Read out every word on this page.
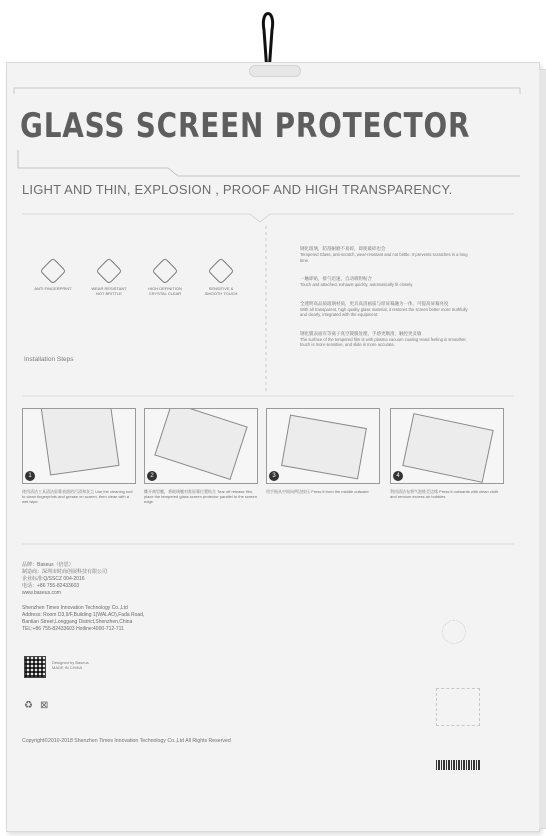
GLASS SCREEN PROTECTOR
LIGHT AND THIN, EXPLOSION , PROOF AND HIGH TRANSPARENCY.
ANTI FINGERPRINT	WEAR RESISTANT NOT BRITTLE
HIGH DEFINITION CRYSTAL CLEAR
SENSITIVE & SMOOTH TOUCH
钢化玻璃，防刮耐磨不易碎，即使破碎也会
Tempered Glass, anti-scratch, wear-resistant and not brittle. It prevents scratches in a long time.
一触即贴，排气迅速，自动吸附贴合
Touch and attached, exhaust quickly, automatically fit closely.
全透明高品质玻璃材质，更具高清画质与原屏幕融为一体，可提高屏幕亮度
With all transparent, high quality glass material, it restores the screen better more truthfully and clearly, integrated with the equipment.
钢化膜表面有等离子真空镀膜处理，手感更顺滑，触控更灵敏
The surface of the tempered film is with plasma vacuum coating Hand feeling is smoother, touch is more sensitive, and slide is more accurate.
Installation Steps
1
使用清洁工具清洁屏幕表面的污渍和灰尘 Use the cleaning tool to clean fingerprints and grease on screen, then clean with a wet wipe.
2
撕开离型膜，将玻璃膜对准屏幕位置贴合 Tear off release film, place the tempered glass screen protector parallel to the screen edge.
3
用手指从中间向两边按压 Press it from the middle outward
4
利用清洁布将气泡推至边缘 Press it outwards with clean cloth and remove excess air bubbles
品牌：Baseus（倍思）
制造商：深圳市时商创展科技有限公司
企业标准:Q/SSCZ 004-2016
电话：+86 755-82433603
www.baseus.com
Shenzhen Times Innovation Technology Co.,Ltd
Address: Room D3,9/F,Building 1(WALAO),Fada Road,
Bantian Street,Longgang District,Shenzhen,China
TEL:+86 755-82433603 Hotline:4000-712-711
Designed by Baseus
MADE IN CHINA
♻ ⊠
Copyright©2010-2018 Shenzhen Times Innovation Technology Co.,Ltd All Rights Reserved
